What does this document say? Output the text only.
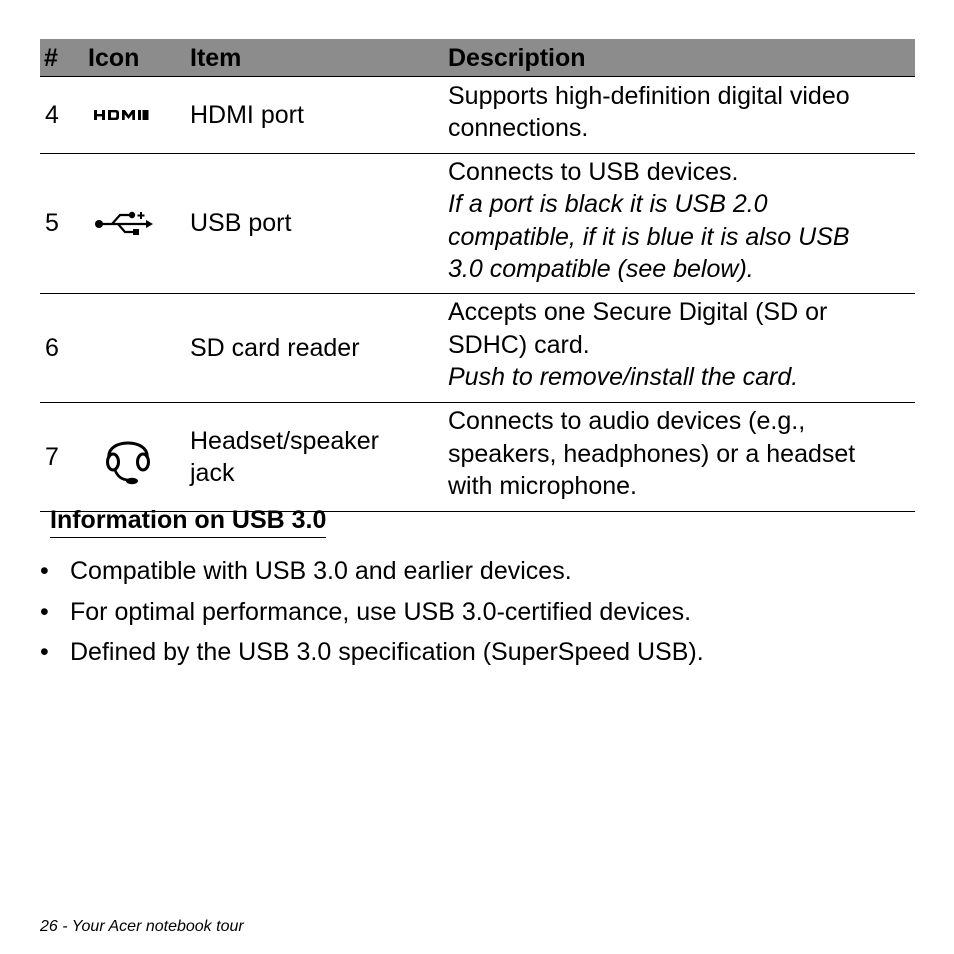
#	Icon	Item	Description
4		HDMI port	Supports high-definition digital video
connections.

5		USB port	Connects to USB devices.
If a port is black it is USB 2.0
compatible, if it is blue it is also USB
3.0 compatible (see below).

6		SD card reader	Accepts one Secure Digital (SD or
SDHC) card.
Push to remove/install the card.

7		Headset/speaker
jack	Connects to audio devices (e.g.,
speakers, headphones) or a headset
with microphone.
Information on USB 3.0
• Compatible with USB 3.0 and earlier devices.
• For optimal performance, use USB 3.0-certified devices.
• Defined by the USB 3.0 specification (SuperSpeed USB).
26 - Your Acer notebook tour
